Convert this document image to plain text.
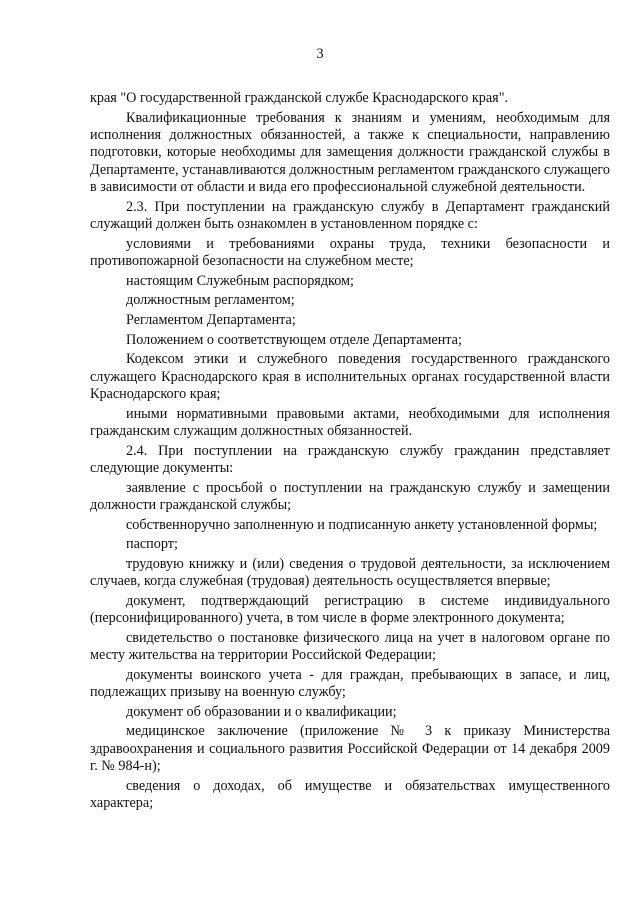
3

края "О государственной гражданской службе Краснодарского края".

Квалификационные требования к знаниям и умениям, необходимым для исполнения должностных обязанностей, а также к специальности, направлению подготовки, которые необходимы для замещения должности гражданской службы в Департаменте, устанавливаются должностным регламентом гражданского служащего в зависимости от области и вида его профессиональной служебной деятельности.

2.3. При поступлении на гражданскую службу в Департамент гражданский служащий должен быть ознакомлен в установленном порядке с:

условиями и требованиями охраны труда, техники безопасности и противопожарной безопасности на служебном месте;

настоящим Служебным распорядком;

должностным регламентом;

Регламентом Департамента;

Положением о соответствующем отделе Департамента;

Кодексом этики и служебного поведения государственного гражданского служащего Краснодарского края в исполнительных органах государственной власти Краснодарского края;

иными нормативными правовыми актами, необходимыми для исполнения гражданским служащим должностных обязанностей.

2.4. При поступлении на гражданскую службу гражданин представляет следующие документы:

заявление с просьбой о поступлении на гражданскую службу и замещении должности гражданской службы;

собственноручно заполненную и подписанную анкету установленной формы;

паспорт;

трудовую книжку и (или) сведения о трудовой деятельности, за исключением случаев, когда служебная (трудовая) деятельность осуществляется впервые;

документ, подтверждающий регистрацию в системе индивидуального (персонифицированного) учета, в том числе в форме электронного документа;

свидетельство о постановке физического лица на учет в налоговом органе по месту жительства на территории Российской Федерации;

документы воинского учета - для граждан, пребывающих в запасе, и лиц, подлежащих призыву на военную службу;

документ об образовании и о квалификации;

медицинское заключение (приложение № 3 к приказу Министерства здравоохранения и социального развития Российской Федерации от 14 декабря 2009 г. № 984-н);

сведения о доходах, об имуществе и обязательствах имущественного характера;
